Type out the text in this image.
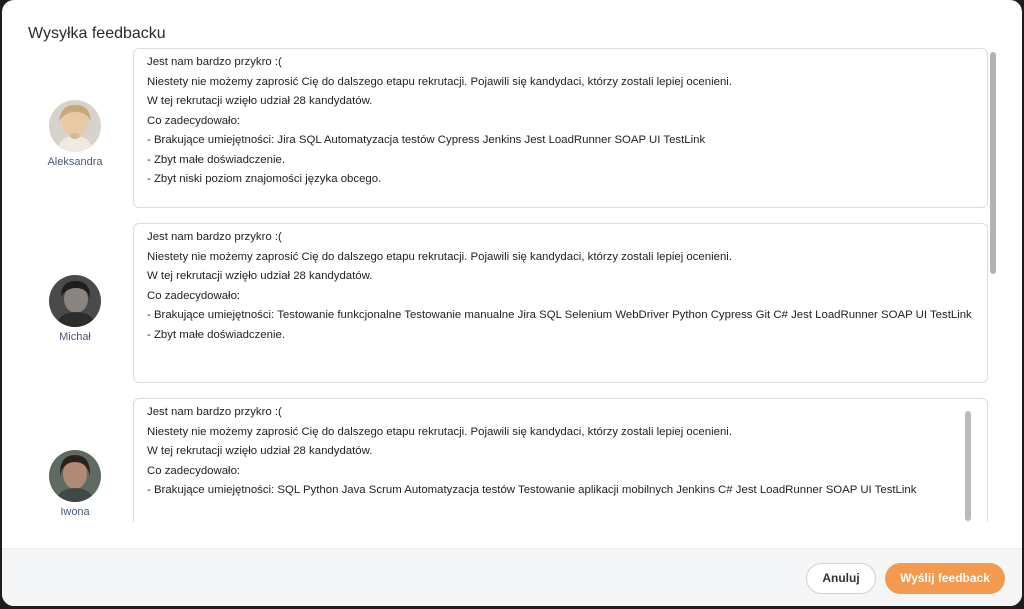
Wysyłka feedbacku
Aleksandra
Jest nam bardzo przykro :(
Niestety nie możemy zaprosić Cię do dalszego etapu rekrutacji. Pojawili się kandydaci, którzy zostali lepiej ocenieni.
W tej rekrutacji wzięło udział 28 kandydatów.
Co zadecydowało:
- Brakujące umiejętności: Jira SQL Automatyzacja testów Cypress Jenkins Jest LoadRunner SOAP UI TestLink
- Zbyt małe doświadczenie.
- Zbyt niski poziom znajomości języka obcego.
Michał
Jest nam bardzo przykro :(
Niestety nie możemy zaprosić Cię do dalszego etapu rekrutacji. Pojawili się kandydaci, którzy zostali lepiej ocenieni.
W tej rekrutacji wzięło udział 28 kandydatów.
Co zadecydowało:
- Brakujące umiejętności: Testowanie funkcjonalne Testowanie manualne Jira SQL Selenium WebDriver Python Cypress Git C# Jest LoadRunner SOAP UI TestLink
- Zbyt małe doświadczenie.
Iwona
Jest nam bardzo przykro :(
Niestety nie możemy zaprosić Cię do dalszego etapu rekrutacji. Pojawili się kandydaci, którzy zostali lepiej ocenieni.
W tej rekrutacji wzięło udział 28 kandydatów.
Co zadecydowało:
- Brakujące umiejętności: SQL Python Java Scrum Automatyzacja testów Testowanie aplikacji mobilnych Jenkins C# Jest LoadRunner SOAP UI TestLink
Anuluj	Wyślij feedback
